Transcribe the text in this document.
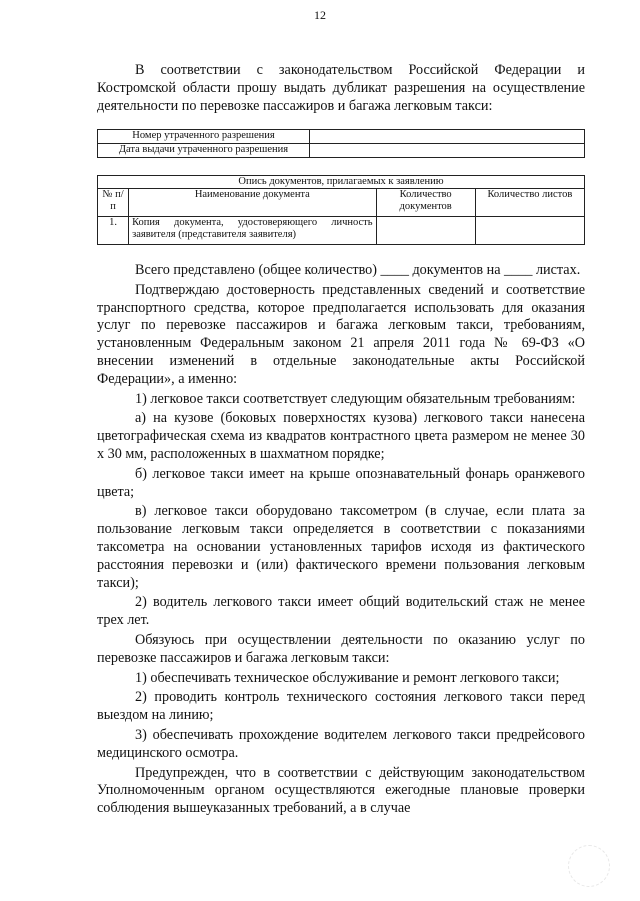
12
В соответствии с законодательством Российской Федерации и Костромской области прошу выдать дубликат разрешения на осуществление деятельности по перевозке пассажиров и багажа легковым такси:
Номер утраченного разрешения	
Дата выдачи утраченного разрешения	
Опись документов, прилагаемых к заявлению			
№ п/п	Наименование документа	Количество документов	Количество листов
1.	Копия документа, удостоверяющего личность заявителя (представителя заявителя)		
Всего представлено (общее количество) ____ документов на ____ листах.
Подтверждаю достоверность представленных сведений и соответствие транспортного средства, которое предполагается использовать для оказания услуг по перевозке пассажиров и багажа легковым такси, требованиям, установленным Федеральным законом 21 апреля 2011 года № 69-ФЗ «О внесении изменений в отдельные законодательные акты Российской Федерации», а именно:
1) легковое такси соответствует следующим обязательным требованиям:
а) на кузове (боковых поверхностях кузова) легкового такси нанесена цветографическая схема из квадратов контрастного цвета размером не менее 30 х 30 мм, расположенных в шахматном порядке;
б) легковое такси имеет на крыше опознавательный фонарь оранжевого цвета;
в) легковое такси оборудовано таксометром (в случае, если плата за пользование легковым такси определяется в соответствии с показаниями таксометра на основании установленных тарифов исходя из фактического расстояния перевозки и (или) фактического времени пользования легковым такси);
2) водитель легкового такси имеет общий водительский стаж не менее трех лет.
Обязуюсь при осуществлении деятельности по оказанию услуг по перевозке пассажиров и багажа легковым такси:
1) обеспечивать техническое обслуживание и ремонт легкового такси;
2) проводить контроль технического состояния легкового такси перед выездом на линию;
3) обеспечивать прохождение водителем легкового такси предрейсового медицинского осмотра.
Предупрежден, что в соответствии с действующим законодательством Уполномоченным органом осуществляются ежегодные плановые проверки соблюдения вышеуказанных требований, а в случае
